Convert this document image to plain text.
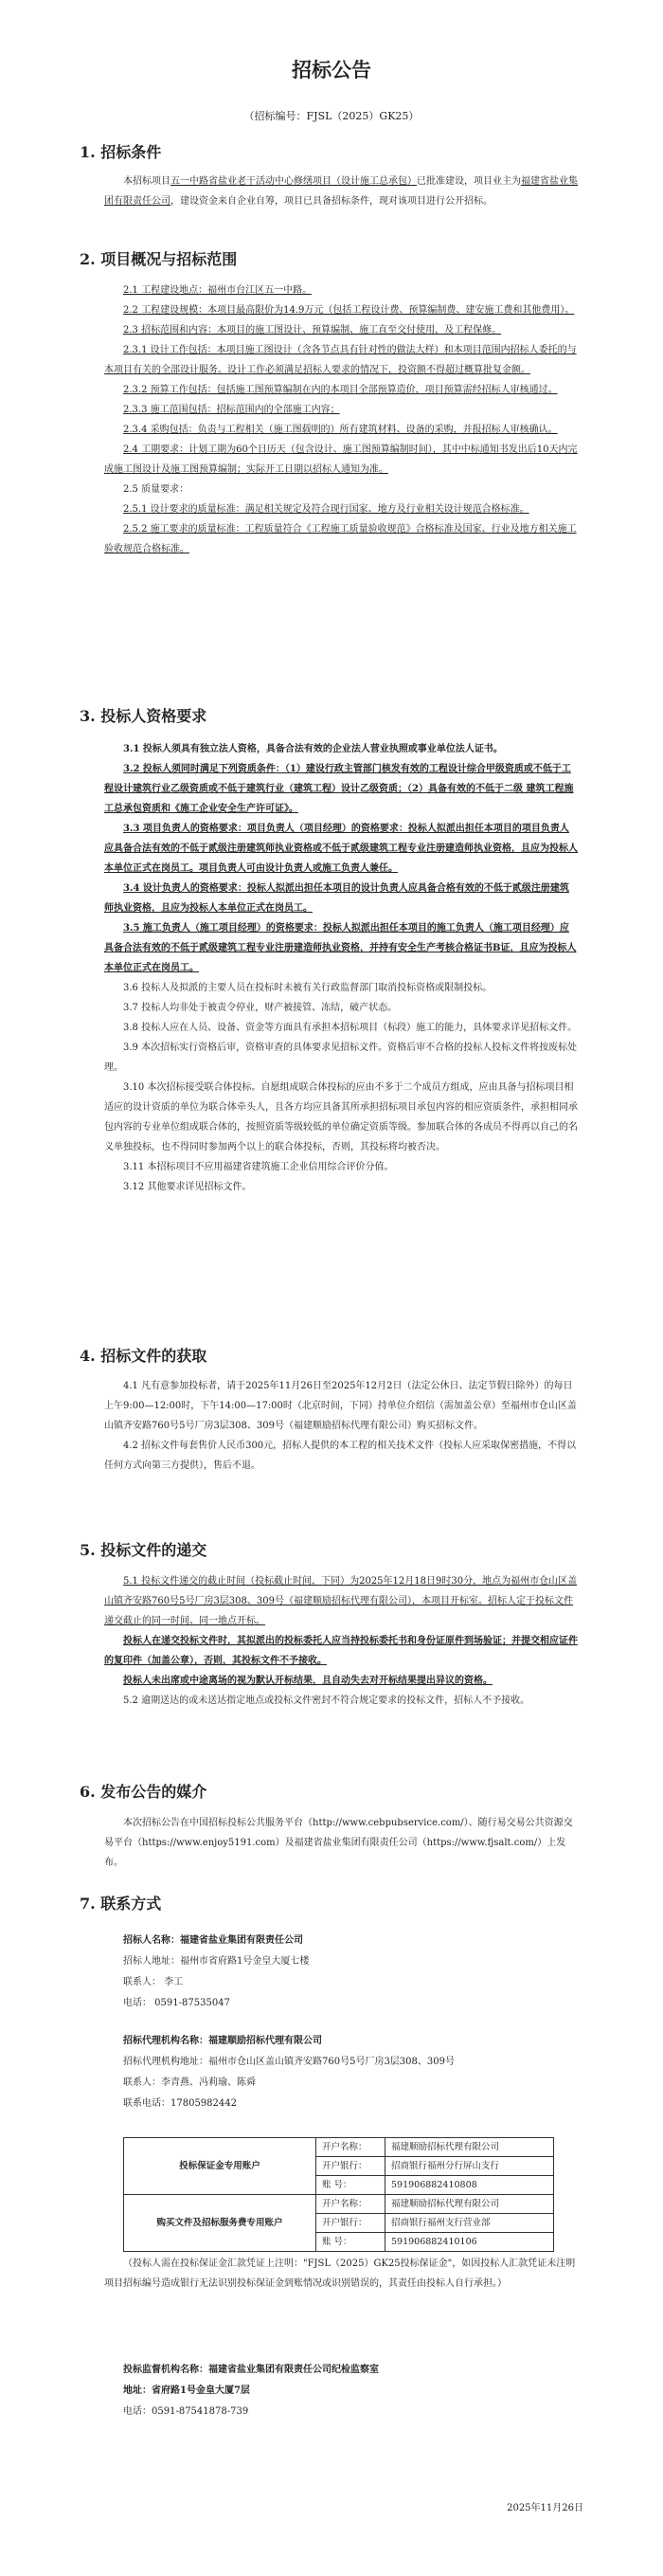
招标公告
（招标编号：FJSL（2025）GK25）
1. 招标条件

本招标项目五一中路省盐业老干活动中心修缮项目（设计施工总承包）已批准建设，项目业主为福建省盐业集团有限责任公司，建设资金来自企业自筹，项目已具备招标条件，现对该项目进行公开招标。

2. 项目概况与招标范围

2.1 工程建设地点：福州市台江区五一中路。

2.2 工程建设规模：本项目最高限价为14.9万元（包括工程设计费、预算编制费、建安施工费和其他费用）。

2.3 招标范围和内容：本项目的施工图设计、预算编制、施工直至交付使用，及工程保修。

2.3.1 设计工作包括：本项目施工图设计（含各节点具有针对性的做法大样）和本项目范围内招标人委托的与本项目有关的全部设计服务。设计工作必须满足招标人要求的情况下，投资额不得超过概算批复金额。

2.3.2 预算工作包括：包括施工图预算编制在内的本项目全部预算造价，项目预算需经招标人审核通过。

2.3.3 施工范围包括：招标范围内的全部施工内容；

2.3.4 采购包括：负责与工程相关（施工图载明的）所有建筑材料、设备的采购，并报招标人审核确认。

2.4 工期要求：计划工期为60个日历天（包含设计、施工图预算编制时间），其中中标通知书发出后10天内完成施工图设计及施工图预算编制；实际开工日期以招标人通知为准。

2.5 质量要求：

2.5.1 设计要求的质量标准：满足相关规定及符合现行国家、地方及行业相关设计规范合格标准。

2.5.2 施工要求的质量标准：工程质量符合《工程施工质量验收规范》合格标准及国家、行业及地方相关施工验收规范合格标准。

3. 投标人资格要求

3.1 投标人须具有独立法人资格，具备合法有效的企业法人营业执照或事业单位法人证书。

3.2 投标人须同时满足下列资质条件：（1）建设行政主管部门核发有效的工程设计综合甲级资质或不低于工程设计建筑行业乙级资质或不低于建筑行业（建筑工程）设计乙级资质；（2）具备有效的不低于二级 建筑工程施工总承包资质和《施工企业安全生产许可证》。

3.3 项目负责人的资格要求：项目负责人（项目经理）的资格要求：投标人拟派出担任本项目的项目负责人应具备合法有效的不低于贰级注册建筑师执业资格或不低于贰级建筑工程专业注册建造师执业资格，且应为投标人本单位正式在岗员工。项目负责人可由设计负责人或施工负责人兼任。

3.4 设计负责人的资格要求：投标人拟派出担任本项目的设计负责人应具备合格有效的不低于贰级注册建筑师执业资格，且应为投标人本单位正式在岗员工。

3.5 施工负责人（施工项目经理）的资格要求：投标人拟派出担任本项目的施工负责人（施工项目经理）应具备合法有效的不低于贰级建筑工程专业注册建造师执业资格，并持有安全生产考核合格证书B证，且应为投标人本单位正式在岗员工。

3.6 投标人及拟派的主要人员在投标时未被有关行政监督部门取消投标资格或限制投标。

3.7 投标人均非处于被责令停业，财产被接管、冻结，破产状态。

3.8 投标人应在人员、设备、资金等方面具有承担本招标项目（标段）施工的能力，具体要求详见招标文件。

3.9 本次招标实行资格后审，资格审查的具体要求见招标文件。资格后审不合格的投标人投标文件将按废标处理。

3.10 本次招标接受联合体投标。自愿组成联合体投标的应由不多于二个成员方组成，应由具备与招标项目相适应的设计资质的单位为联合体牵头人，且各方均应具备其所承担招标项目承包内容的相应资质条件，承担相同承包内容的专业单位组成联合体的，按照资质等级较低的单位确定资质等级。参加联合体的各成员不得再以自己的名义单独投标，也不得同时参加两个以上的联合体投标，否则，其投标将均被否决。

3.11 本招标项目不应用福建省建筑施工企业信用综合评价分值。

3.12 其他要求详见招标文件。

4. 招标文件的获取

4.1 凡有意参加投标者，请于2025年11月26日至2025年12月2日（法定公休日、法定节假日除外）的每日上午9:00—12:00时，下午14:00—17:00时（北京时间，下同）持单位介绍信（需加盖公章）至福州市仓山区盖山镇齐安路760号5号厂房3层308、309号（福建顺励招标代理有限公司）购买招标文件。

4.2 招标文件每套售价人民币300元，招标人提供的本工程的相关技术文件（投标人应采取保密措施，不得以任何方式向第三方提供），售后不退。

5. 投标文件的递交

5.1 投标文件递交的截止时间（投标截止时间，下同）为2025年12月18日9时30分，地点为福州市仓山区盖山镇齐安路760号5号厂房3层308、309号（福建顺励招标代理有限公司），本项目开标室。招标人定于投标文件递交截止的同一时间、同一地点开标。

投标人在递交投标文件时，其拟派出的投标委托人应当持投标委托书和身份证原件到场验证；并提交相应证件的复印件（加盖公章），否则，其投标文件不予接收。

投标人未出席或中途离场的视为默认开标结果，且自动失去对开标结果提出异议的资格。

5.2 逾期送达的或未送达指定地点或投标文件密封不符合规定要求的投标文件，招标人不予接收。

6. 发布公告的媒介

本次招标公告在中国招标投标公共服务平台（http://www.cebpubservice.com/）、随行易交易公共资源交易平台（https://www.enjoy5191.com）及福建省盐业集团有限责任公司（https://www.fjsalt.com/）上发布。

7. 联系方式

招标人名称：福建省盐业集团有限责任公司

招标人地址：福州市省府路1号金皇大厦七楼

联系人： 李工

电话： 0591-87535047

招标代理机构名称：福建顺励招标代理有限公司

招标代理机构地址：福州市仓山区盖山镇齐安路760号5号厂房3层308、309号

联系人：李青燕、冯莉瑜、陈舜

联系电话：17805982442

投标保证金专用账户	开户名称：	福建顺励招标代理有限公司
	开户银行：	招商银行福州分行屏山支行
	账 号：	591906882410808
购买文件及招标服务费专用账户	开户名称：	福建顺励招标代理有限公司
	开户银行：	招商银行福州支行营业部
	账 号：	591906882410106

（投标人需在投标保证金汇款凭证上注明："FJSL（2025）GK25投标保证金"，如因投标人汇款凭证未注明项目招标编号造成银行无法识别投标保证金到账情况或识别错误的，其责任由投标人自行承担。）

投标监督机构名称：福建省盐业集团有限责任公司纪检监察室

地址：省府路1号金皇大厦7层

电话：0591-87541878-739

2025年11月26日
